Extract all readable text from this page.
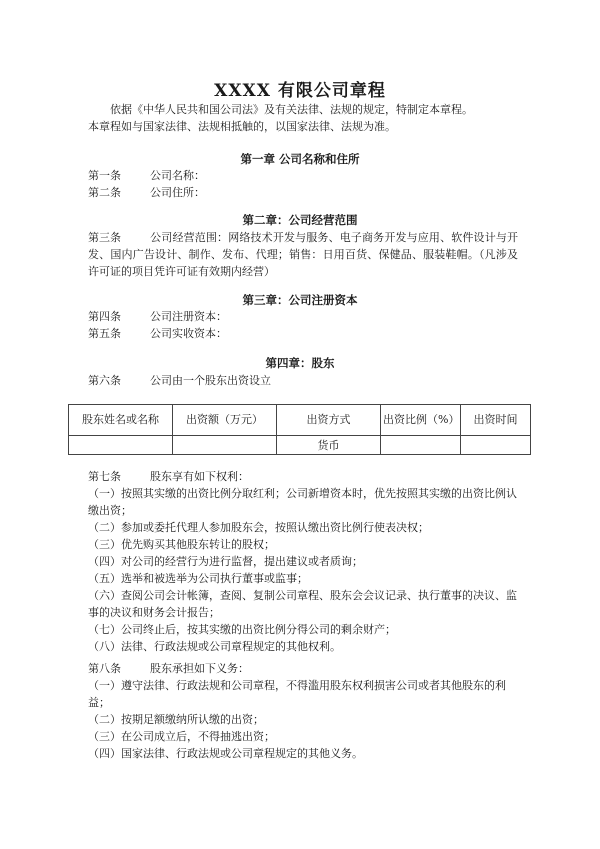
XXXX 有限公司章程
依据《中华人民共和国公司法》及有关法律、法规的规定，特制定本章程。
本章程如与国家法律、法规相抵触的，以国家法律、法规为准。
第一章 公司名称和住所
第一条	公司名称：
第二条	公司住所：
第二章：公司经营范围
第三条	公司经营范围：网络技术开发与服务、电子商务开发与应用、软件设计与开发、国内广告设计、制作、发布、代理；销售：日用百货、保健品、服装鞋帽。（凡涉及许可证的项目凭许可证有效期内经营）
第三章：公司注册资本
第四条	公司注册资本：
第五条	公司实收资本：
第四章：股东
第六条	公司由一个股东出资设立
股东姓名或名称	出资额（万元）	出资方式	出资比例（%）	出资时间
		货币		
第七条	股东享有如下权利：
（一）按照其实缴的出资比例分取红利；公司新增资本时，优先按照其实缴的出资比例认缴出资；
（二）参加或委托代理人参加股东会，按照认缴出资比例行使表决权；
（三）优先购买其他股东转让的股权；
（四）对公司的经营行为进行监督，提出建议或者质询；
（五）选举和被选举为公司执行董事或监事；
（六）查阅公司会计帐簿，查阅、复制公司章程、股东会会议记录、执行董事的决议、监事的决议和财务会计报告；
（七）公司终止后，按其实缴的出资比例分得公司的剩余财产；
（八）法律、行政法规或公司章程规定的其他权利。
第八条	股东承担如下义务：
（一）遵守法律、行政法规和公司章程，不得滥用股东权利损害公司或者其他股东的利益；
（二）按期足额缴纳所认缴的出资；
（三）在公司成立后，不得抽逃出资；
（四）国家法律、行政法规或公司章程规定的其他义务。
